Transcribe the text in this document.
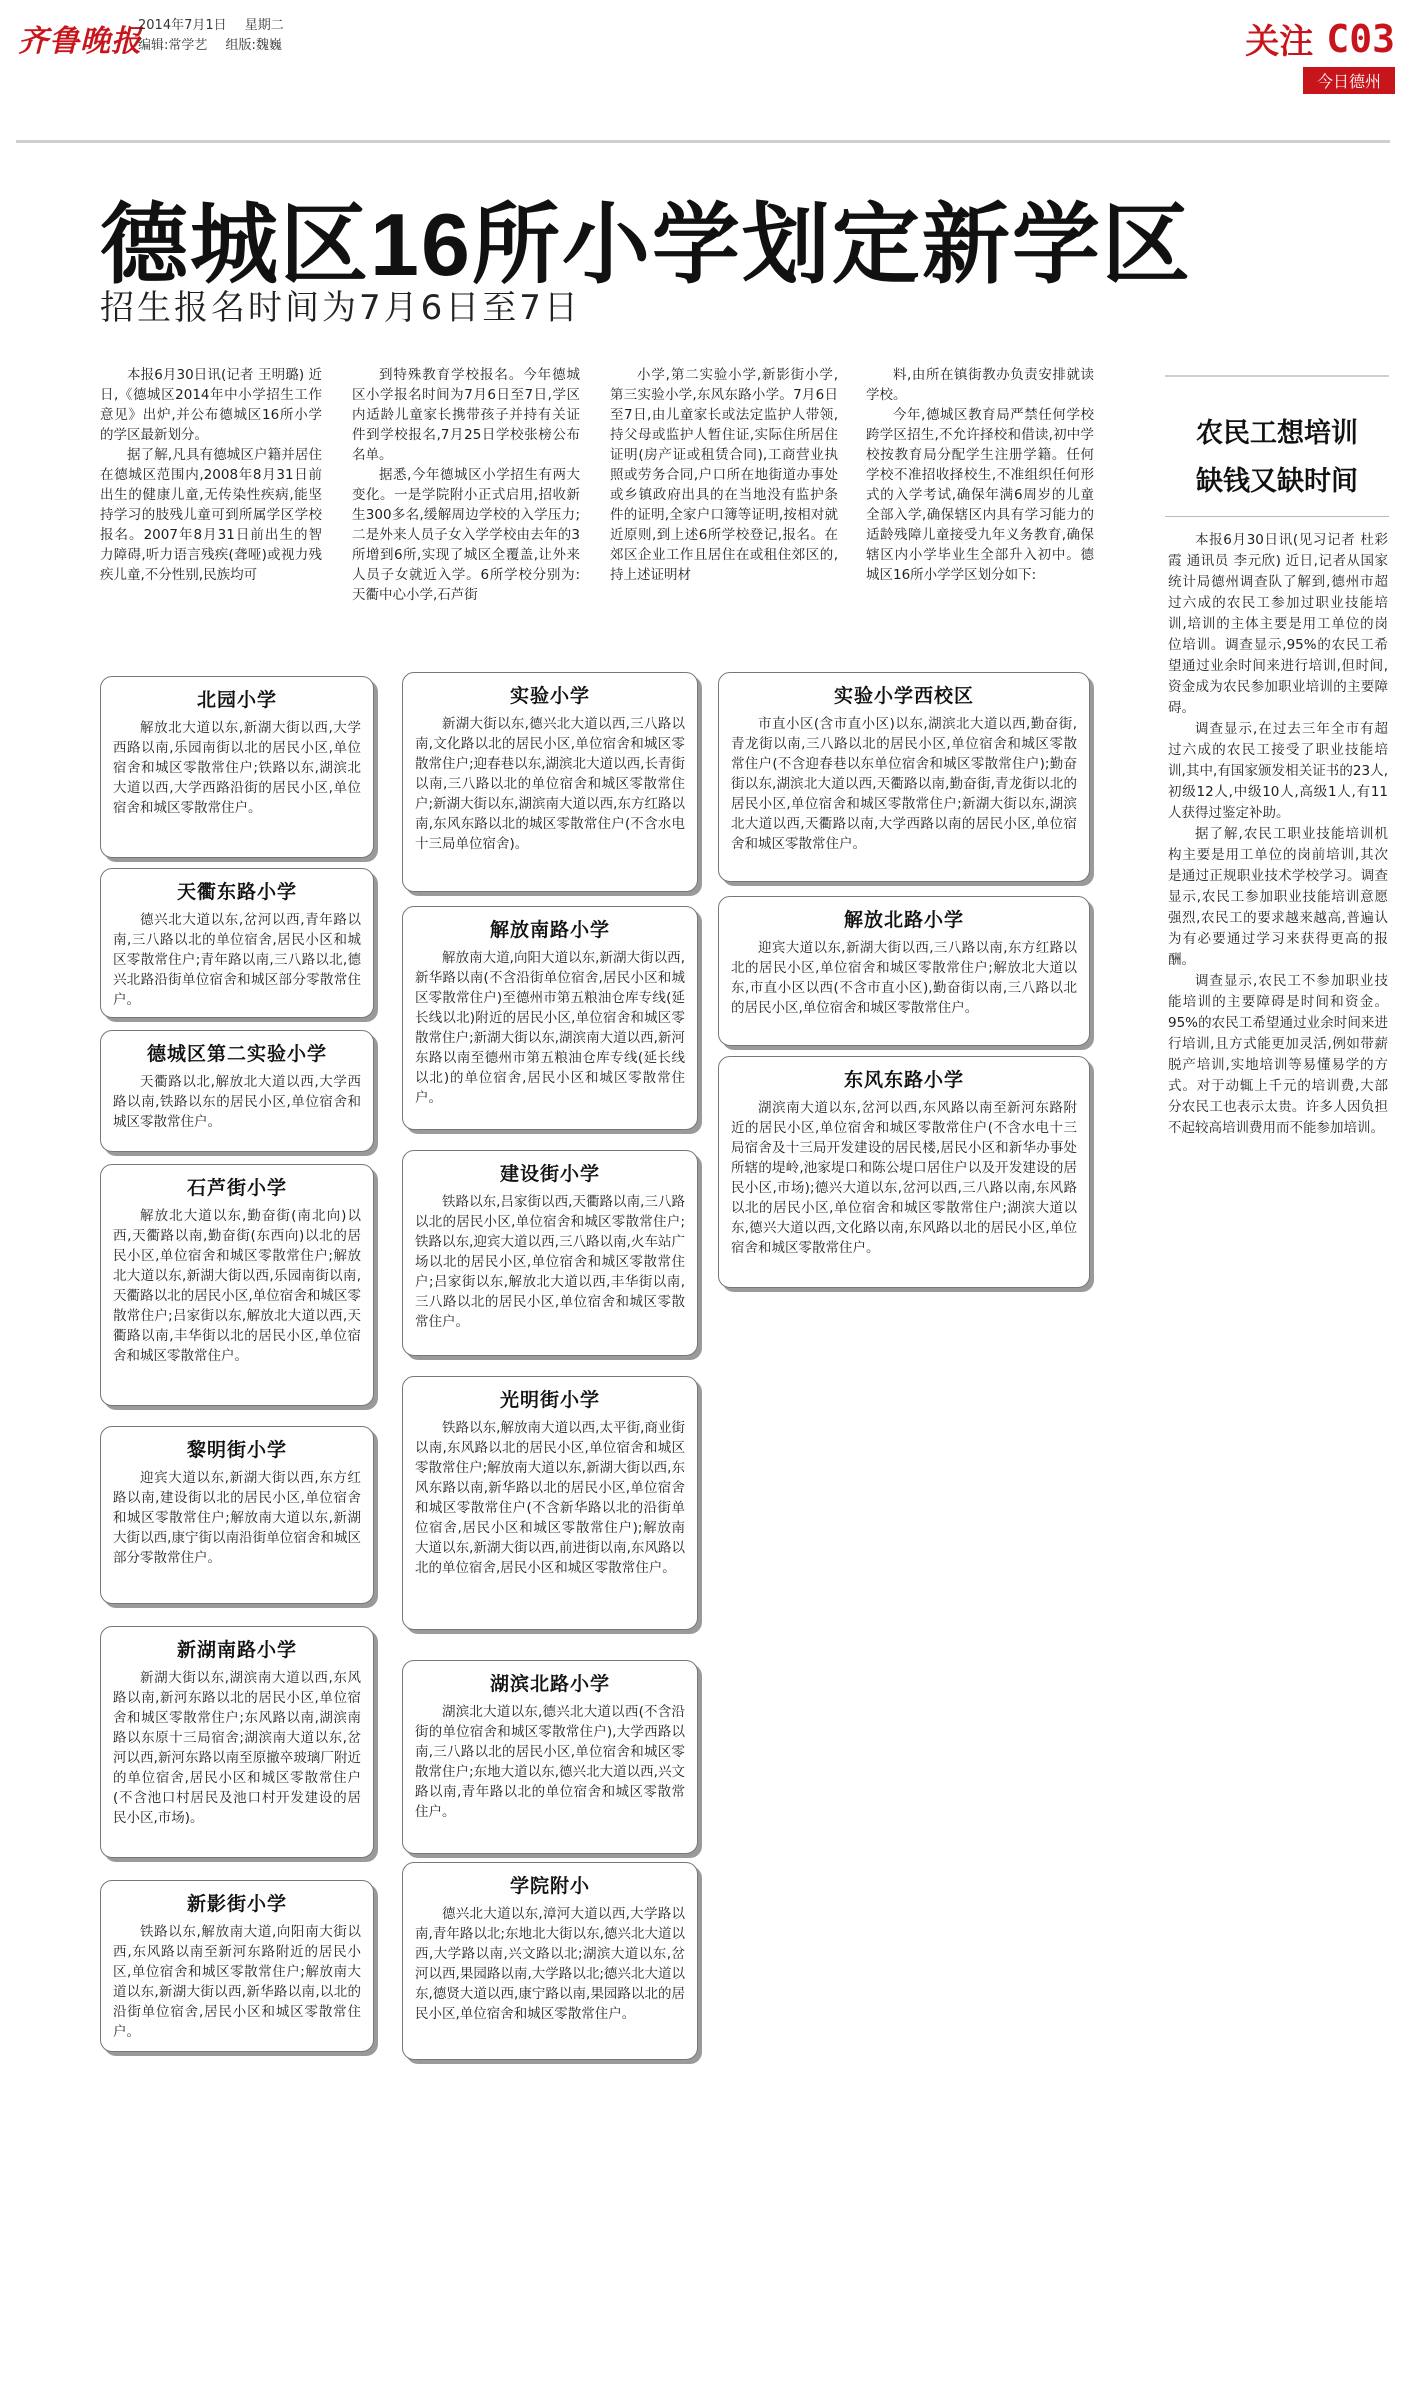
齐鲁晚报
2014年7月1日 星期二
编辑:常学艺 组版:魏巍	关注 C03
今日德州
德城区16所小学划定新学区
招生报名时间为7月6日至7日

本报6月30日讯(记者 王明璐) 近日,《德城区2014年中小学招生工作意见》出炉,并公布德城区16所小学的学区最新划分。

据了解,凡具有德城区户籍并居住在德城区范围内,2008年8月31日前出生的健康儿童,无传染性疾病,能坚持学习的肢残儿童可到所属学区学校报名。2007年8月31日前出生的智力障碍,听力语言残疾(聋哑)或视力残疾儿童,不分性别,民族均可

到特殊教育学校报名。今年德城区小学报名时间为7月6日至7日,学区内适龄儿童家长携带孩子并持有关证件到学校报名,7月25日学校张榜公布名单。

据悉,今年德城区小学招生有两大变化。一是学院附小正式启用,招收新生300多名,缓解周边学校的入学压力;二是外来人员子女入学学校由去年的3所增到6所,实现了城区全覆盖,让外来人员子女就近入学。6所学校分别为:天衢中心小学,石芦街

小学,第二实验小学,新影街小学,第三实验小学,东风东路小学。7月6日至7日,由儿童家长或法定监护人带领,持父母或监护人暂住证,实际住所居住证明(房产证或租赁合同),工商营业执照或劳务合同,户口所在地街道办事处或乡镇政府出具的在当地没有监护条件的证明,全家户口簿等证明,按相对就近原则,到上述6所学校登记,报名。在郊区企业工作且居住在或租住郊区的,持上述证明材

料,由所在镇街教办负责安排就读学校。

今年,德城区教育局严禁任何学校跨学区招生,不允许择校和借读,初中学校按教育局分配学生注册学籍。任何学校不准招收择校生,不准组织任何形式的入学考试,确保年满6周岁的儿童全部入学,确保辖区内具有学习能力的适龄残障儿童接受九年义务教育,确保辖区内小学毕业生全部升入初中。德城区16所小学学区划分如下:

北园小学
解放北大道以东,新湖大街以西,大学西路以南,乐园南街以北的居民小区,单位宿舍和城区零散常住户;铁路以东,湖滨北大道以西,大学西路沿街的居民小区,单位宿舍和城区零散常住户。
天衢东路小学
德兴北大道以东,岔河以西,青年路以南,三八路以北的单位宿舍,居民小区和城区零散常住户;青年路以南,三八路以北,德兴北路沿街单位宿舍和城区部分零散常住户。
德城区第二实验小学
天衢路以北,解放北大道以西,大学西路以南,铁路以东的居民小区,单位宿舍和城区零散常住户。
石芦街小学
解放北大道以东,勤奋街(南北向)以西,天衢路以南,勤奋街(东西向)以北的居民小区,单位宿舍和城区零散常住户;解放北大道以东,新湖大街以西,乐园南街以南,天衢路以北的居民小区,单位宿舍和城区零散常住户;吕家街以东,解放北大道以西,天衢路以南,丰华街以北的居民小区,单位宿舍和城区零散常住户。
黎明街小学
迎宾大道以东,新湖大街以西,东方红路以南,建设街以北的居民小区,单位宿舍和城区零散常住户;解放南大道以东,新湖大街以西,康宁街以南沿街单位宿舍和城区部分零散常住户。
新湖南路小学
新湖大街以东,湖滨南大道以西,东风路以南,新河东路以北的居民小区,单位宿舍和城区零散常住户;东风路以南,湖滨南路以东原十三局宿舍;湖滨南大道以东,岔河以西,新河东路以南至原撤卒玻璃厂附近的单位宿舍,居民小区和城区零散常住户(不含池口村居民及池口村开发建设的居民小区,市场)。
新影街小学
铁路以东,解放南大道,向阳南大街以西,东风路以南至新河东路附近的居民小区,单位宿舍和城区零散常住户;解放南大道以东,新湖大街以西,新华路以南,以北的沿街单位宿舍,居民小区和城区零散常住户。
实验小学
新湖大街以东,德兴北大道以西,三八路以南,文化路以北的居民小区,单位宿舍和城区零散常住户;迎春巷以东,湖滨北大道以西,长青街以南,三八路以北的单位宿舍和城区零散常住户;新湖大街以东,湖滨南大道以西,东方红路以南,东风东路以北的城区零散常住户(不含水电十三局单位宿舍)。
解放南路小学
解放南大道,向阳大道以东,新湖大街以西,新华路以南(不含沿街单位宿舍,居民小区和城区零散常住户)至德州市第五粮油仓库专线(延长线以北)附近的居民小区,单位宿舍和城区零散常住户;新湖大街以东,湖滨南大道以西,新河东路以南至德州市第五粮油仓库专线(延长线以北)的单位宿舍,居民小区和城区零散常住户。
建设街小学
铁路以东,吕家街以西,天衢路以南,三八路以北的居民小区,单位宿舍和城区零散常住户;铁路以东,迎宾大道以西,三八路以南,火车站广场以北的居民小区,单位宿舍和城区零散常住户;吕家街以东,解放北大道以西,丰华街以南,三八路以北的居民小区,单位宿舍和城区零散常住户。
光明街小学
铁路以东,解放南大道以西,太平街,商业街以南,东风路以北的居民小区,单位宿舍和城区零散常住户;解放南大道以东,新湖大街以西,东风东路以南,新华路以北的居民小区,单位宿舍和城区零散常住户(不含新华路以北的沿街单位宿舍,居民小区和城区零散常住户);解放南大道以东,新湖大街以西,前进街以南,东风路以北的单位宿舍,居民小区和城区零散常住户。
湖滨北路小学
湖滨北大道以东,德兴北大道以西(不含沿街的单位宿舍和城区零散常住户),大学西路以南,三八路以北的居民小区,单位宿舍和城区零散常住户;东地大道以东,德兴北大道以西,兴文路以南,青年路以北的单位宿舍和城区零散常住户。
学院附小
德兴北大道以东,漳河大道以西,大学路以南,青年路以北;东地北大街以东,德兴北大道以西,大学路以南,兴文路以北;湖滨大道以东,岔河以西,果园路以南,大学路以北;德兴北大道以东,德贤大道以西,康宁路以南,果园路以北的居民小区,单位宿舍和城区零散常住户。
实验小学西校区
市直小区(含市直小区)以东,湖滨北大道以西,勤奋街,青龙街以南,三八路以北的居民小区,单位宿舍和城区零散常住户(不含迎春巷以东单位宿舍和城区零散常住户);勤奋街以东,湖滨北大道以西,天衢路以南,勤奋街,青龙街以北的居民小区,单位宿舍和城区零散常住户;新湖大街以东,湖滨北大道以西,天衢路以南,大学西路以南的居民小区,单位宿舍和城区零散常住户。
解放北路小学
迎宾大道以东,新湖大街以西,三八路以南,东方红路以北的居民小区,单位宿舍和城区零散常住户;解放北大道以东,市直小区以西(不含市直小区),勤奋街以南,三八路以北的居民小区,单位宿舍和城区零散常住户。
东风东路小学
湖滨南大道以东,岔河以西,东风路以南至新河东路附近的居民小区,单位宿舍和城区零散常住户(不含水电十三局宿舍及十三局开发建设的居民楼,居民小区和新华办事处所辖的堤岭,池家堤口和陈公堤口居住户以及开发建设的居民小区,市场);德兴大道以东,岔河以西,三八路以南,东风路以北的居民小区,单位宿舍和城区零散常住户;湖滨大道以东,德兴大道以西,文化路以南,东风路以北的居民小区,单位宿舍和城区零散常住户。
农民工想培训
缺钱又缺时间

本报6月30日讯(见习记者 杜彩霞 通讯员 李元欣) 近日,记者从国家统计局德州调查队了解到,德州市超过六成的农民工参加过职业技能培训,培训的主体主要是用工单位的岗位培训。调查显示,95%的农民工希望通过业余时间来进行培训,但时间,资金成为农民参加职业培训的主要障碍。

调查显示,在过去三年全市有超过六成的农民工接受了职业技能培训,其中,有国家颁发相关证书的23人,初级12人,中级10人,高级1人,有11人获得过鉴定补助。

据了解,农民工职业技能培训机构主要是用工单位的岗前培训,其次是通过正规职业技术学校学习。调查显示,农民工参加职业技能培训意愿强烈,农民工的要求越来越高,普遍认为有必要通过学习来获得更高的报酬。

调查显示,农民工不参加职业技能培训的主要障碍是时间和资金。95%的农民工希望通过业余时间来进行培训,且方式能更加灵活,例如带薪脱产培训,实地培训等易懂易学的方式。对于动辄上千元的培训费,大部分农民工也表示太贵。许多人因负担不起较高培训费用而不能参加培训。
